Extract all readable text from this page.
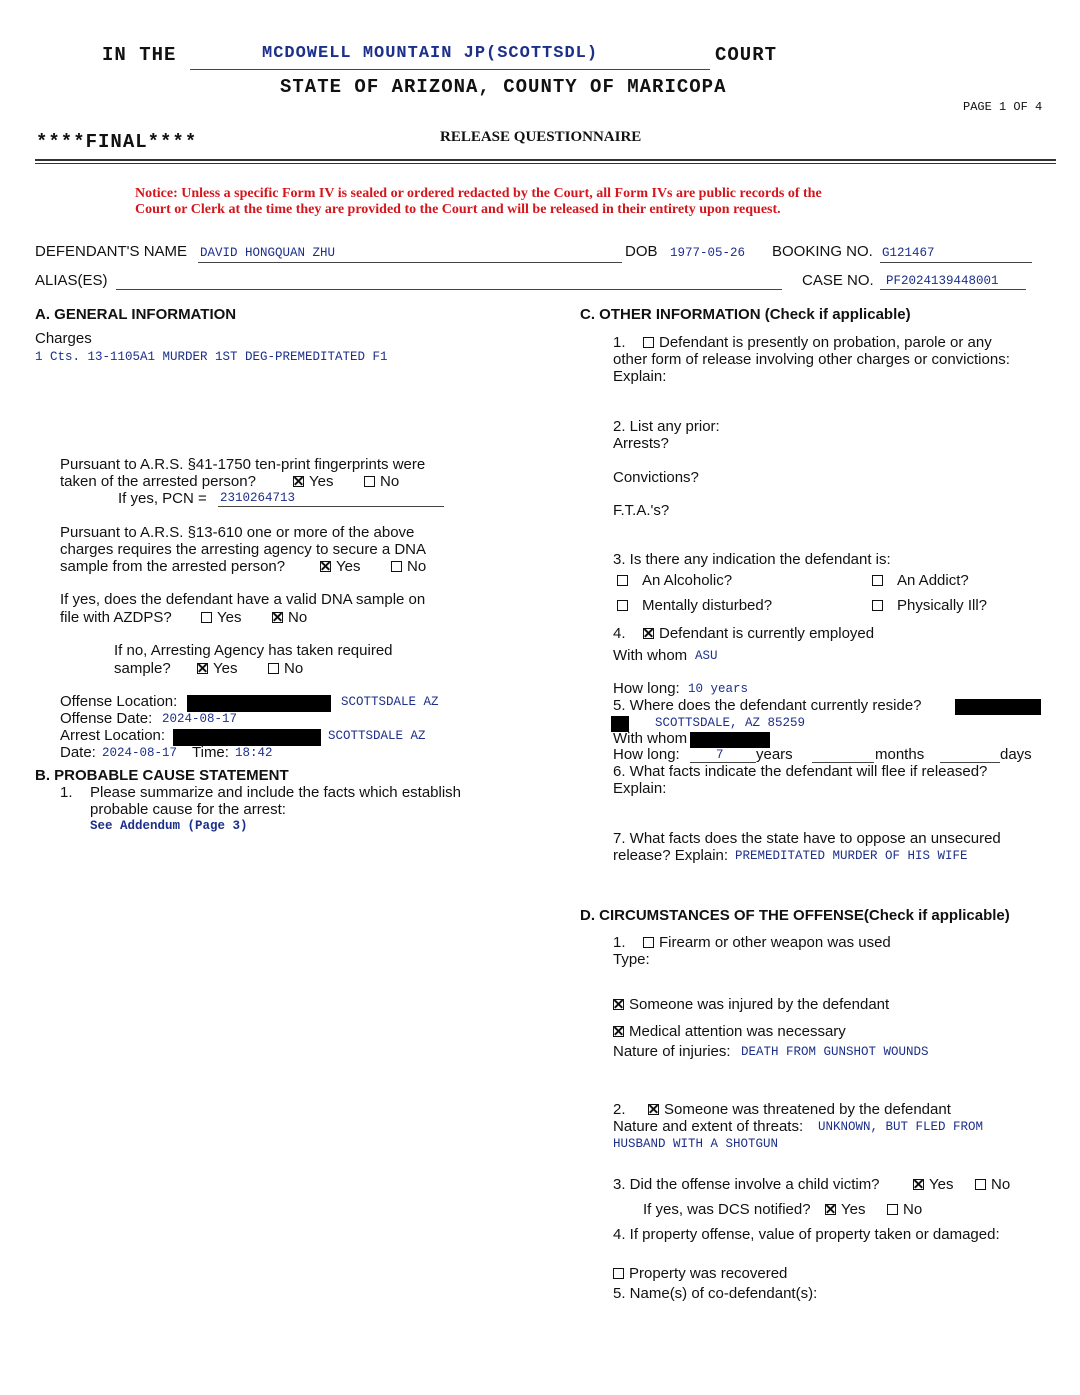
IN THE	MCDOWELL MOUNTAIN JP(SCOTTSDL)	COURT
STATE OF ARIZONA, COUNTY OF MARICOPA
PAGE 1 OF 4
****FINAL****	RELEASE QUESTIONNAIRE
Notice: Unless a specific Form IV is sealed or ordered redacted by the Court, all Form IVs are public records of the
Court or Clerk at the time they are provided to the Court and will be released in their entirety upon request.
DEFENDANT'S NAME DAVID HONGQUAN ZHU	DOB 1977-05-26 BOOKING NO. G121467
ALIAS(ES)	CASE NO. PF2024139448001
A. GENERAL INFORMATION
Charges
1 Cts. 13-1105A1 MURDER 1ST DEG-PREMEDITATED F1
Pursuant to A.R.S. §41-1750 ten-print fingerprints were
taken of the arrested person?	Yes	No
If yes, PCN = 2310264713
Pursuant to A.R.S. §13-610 one or more of the above
charges requires the arresting agency to secure a DNA
sample from the arrested person?	Yes	No
If yes, does the defendant have a valid DNA sample on
file with AZDPS?	Yes	No
If no, Arresting Agency has taken required
sample?	Yes	No
Offense Location:	SCOTTSDALE AZ
Offense Date: 2024-08-17
Arrest Location:	SCOTTSDALE AZ
Date: 2024-08-17 Time: 18:42
B. PROBABLE CAUSE STATEMENT
1. Please summarize and include the facts which establish
probable cause for the arrest:
See Addendum (Page 3)
C. OTHER INFORMATION (Check if applicable)
1.	Defendant is presently on probation, parole or any
other form of release involving other charges or convictions:
Explain:
2. List any prior:
Arrests?
Convictions?
F.T.A.'s?
3. Is there any indication the defendant is:
An Alcoholic?	An Addict?
Mentally disturbed?	Physically Ill?
4.	Defendant is currently employed
With whom ASU
How long: 10 years
5. Where does the defendant currently reside?
SCOTTSDALE, AZ 85259
With whom
How long:	7 years	months	days
6. What facts indicate the defendant will flee if released?
Explain:
7. What facts does the state have to oppose an unsecured
release? Explain: PREMEDITATED MURDER OF HIS WIFE
D. CIRCUMSTANCES OF THE OFFENSE(Check if applicable)
1.	Firearm or other weapon was used
Type:
Someone was injured by the defendant
Medical attention was necessary
Nature of injuries: DEATH FROM GUNSHOT WOUNDS
2.	Someone was threatened by the defendant
Nature and extent of threats: UNKNOWN, BUT FLED FROM
HUSBAND WITH A SHOTGUN
3. Did the offense involve a child victim?	Yes	No
If yes, was DCS notified?	Yes	No
4. If property offense, value of property taken or damaged:
Property was recovered
5. Name(s) of co-defendant(s):
